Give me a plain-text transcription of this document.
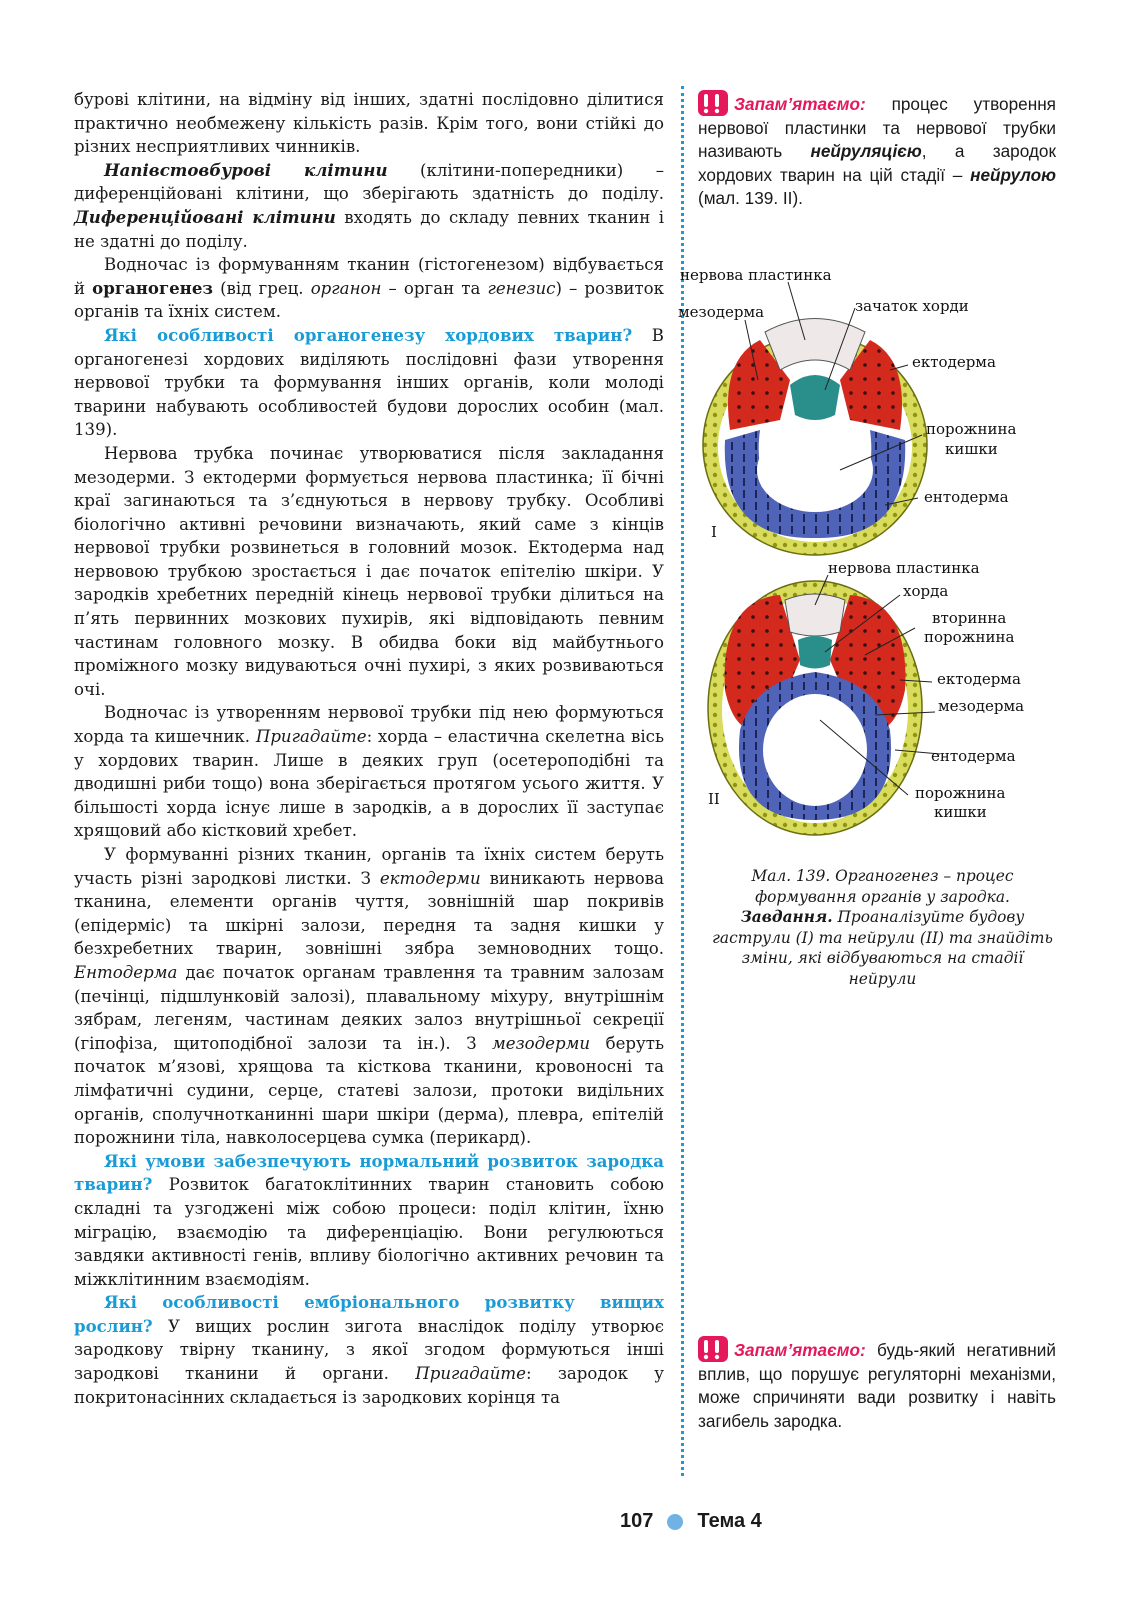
бурові клітини, на відміну від інших, здатні послідовно ділитися практично необмежену кількість разів. Крім того, вони стійкі до різних несприятливих чинників.

Напівстовбурові клітини (клітини-попередники) – диференційовані клітини, що зберігають здатність до поділу. Диференційовані клітини входять до складу певних тканин і не здатні до поділу.

Водночас із формуванням тканин (гістогенезом) відбувається й органогенез (від грец. органон – орган та генезис) – розвиток органів та їхніх систем.

Які особливості органогенезу хордових тварин? В органогенезі хордових виділяють послідовні фази утворення нервової трубки та формування інших органів, коли молоді тварини набувають особливостей будови дорослих особин (мал. 139).

Нервова трубка починає утворюватися після закладання мезодерми. З ектодерми формується нервова пластинка; її бічні краї загинаються та з’єднуються в нервову трубку. Особливі біологічно активні речовини визначають, який саме з кінців нервової трубки розвинеться в головний мозок. Ектодерма над нервовою трубкою зростається і дає початок епітелію шкіри. У зародків хребетних передній кінець нервової трубки ділиться на п’ять первинних мозкових пухирів, які відповідають певним частинам головного мозку. В обидва боки від майбутнього проміжного мозку видуваються очні пухирі, з яких розвиваються очі.

Водночас із утворенням нервової трубки під нею формуються хорда та кишечник. Пригадайте: хорда – еластична скелетна вісь у хордових тварин. Лише в деяких груп (осетероподібні та дводишні риби тощо) вона зберігається протягом усього життя. У більшості хорда існує лише в зародків, а в дорослих її заступає хрящовий або кістковий хребет.

У формуванні різних тканин, органів та їхніх систем беруть участь різні зародкові листки. З ектодерми виникають нервова тканина, елементи органів чуття, зовнішній шар покривів (епідерміс) та шкірні залози, передня та задня кишки у безхребетних тварин, зовнішні зябра земноводних тощо. Ентодерма дає початок органам травлення та травним залозам (печінці, підшлунковій залозі), плавальному міхуру, внутрішнім зябрам, легеням, частинам деяких залоз внутрішньої секреції (гіпофіза, щитоподібної залози та ін.). З мезодерми беруть початок м’язові, хрящова та кісткова тканини, кровоносні та лімфатичні судини, серце, статеві залози, протоки видільних органів, сполучнотканинні шари шкіри (дерма), плевра, епітелій порожнини тіла, навколосерцева сумка (перикард).

Які умови забезпечують нормальний розвиток зародка тварин? Розвиток багатоклітинних тварин становить собою складні та узгоджені між собою процеси: поділ клітин, їхню міграцію, взаємодію та диференціацію. Вони регулюються завдяки активності генів, впливу біологічно активних речовин та міжклітинним взаємодіям.

Які особливості ембріонального розвитку вищих рослин? У вищих рослин зигота внаслідок поділу утворює зародкову твірну тканину, з якої згодом формуються інші зародкові тканини й органи. Пригадайте: зародок у покритонасінних складається із зародкових корінця та

Запам’ятаємо: процес утворення нервової пластинки та нервової трубки називають нейруляцією, а зародок хордових тварин на цій стадії – нейрулою (мал. 139. ІІ).
нервова пластинка
мезодерма	зачаток хорди
ектодерма
порожнина
кишки
ентодерма
I
нервова пластинка
хорда
вторинна
порожнина
ектодерма
мезодерма
ентодерма
порожнина
кишки
II
Мал. 139. Органогенез – процес формування органів у зародка. Завдання. Проаналізуйте будову гаструли (І) та нейрули (ІІ) та знайдіть зміни, які відбуваються на стадії нейрули
Запам’ятаємо: будь-який негативний вплив, що порушує регуляторні механізми, може спричиняти вади розвитку і навіть загибель зародка.
107 Тема 4
